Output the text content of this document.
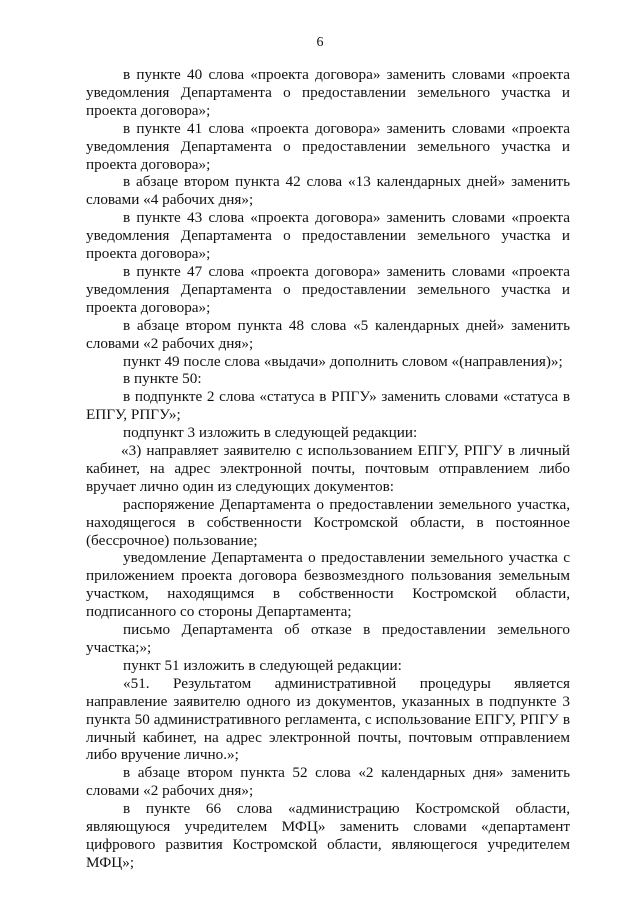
6

в пункте 40 слова «проекта договора» заменить словами «проекта уведомления Департамента о предоставлении земельного участка и проекта договора»;

в пункте 41 слова «проекта договора» заменить словами «проекта уведомления Департамента о предоставлении земельного участка и проекта договора»;

в абзаце втором пункта 42 слова «13 календарных дней» заменить словами «4 рабочих дня»;

в пункте 43 слова «проекта договора» заменить словами «проекта уведомления Департамента о предоставлении земельного участка и проекта договора»;

в пункте 47 слова «проекта договора» заменить словами «проекта уведомления Департамента о предоставлении земельного участка и проекта договора»;

в абзаце втором пункта 48 слова «5 календарных дней» заменить словами «2 рабочих дня»;

пункт 49 после слова «выдачи» дополнить словом «(направления)»;

в пункте 50:

в подпункте 2 слова «статуса в РПГУ» заменить словами «статуса в ЕПГУ, РПГУ»;

подпункт 3 изложить в следующей редакции:

«3) направляет заявителю с использованием ЕПГУ, РПГУ в личный кабинет, на адрес электронной почты, почтовым отправлением либо вручает лично один из следующих документов:

распоряжение Департамента о предоставлении земельного участка, находящегося в собственности Костромской области, в постоянное (бессрочное) пользование;

уведомление Департамента о предоставлении земельного участка с приложением проекта договора безвозмездного пользования земельным участком, находящимся в собственности Костромской области, подписанного со стороны Департамента;

письмо Департамента об отказе в предоставлении земельного участка;»;

пункт 51 изложить в следующей редакции:

«51. Результатом административной процедуры является направление заявителю одного из документов, указанных в подпункте 3 пункта 50 административного регламента, с использование ЕПГУ, РПГУ в личный кабинет, на адрес электронной почты, почтовым отправлением либо вручение лично.»;

в абзаце втором пункта 52 слова «2 календарных дня» заменить словами «2 рабочих дня»;

в пункте 66 слова «администрацию Костромской области, являющуюся учредителем МФЦ» заменить словами «департамент цифрового развития Костромской области, являющегося учредителем МФЦ»;
